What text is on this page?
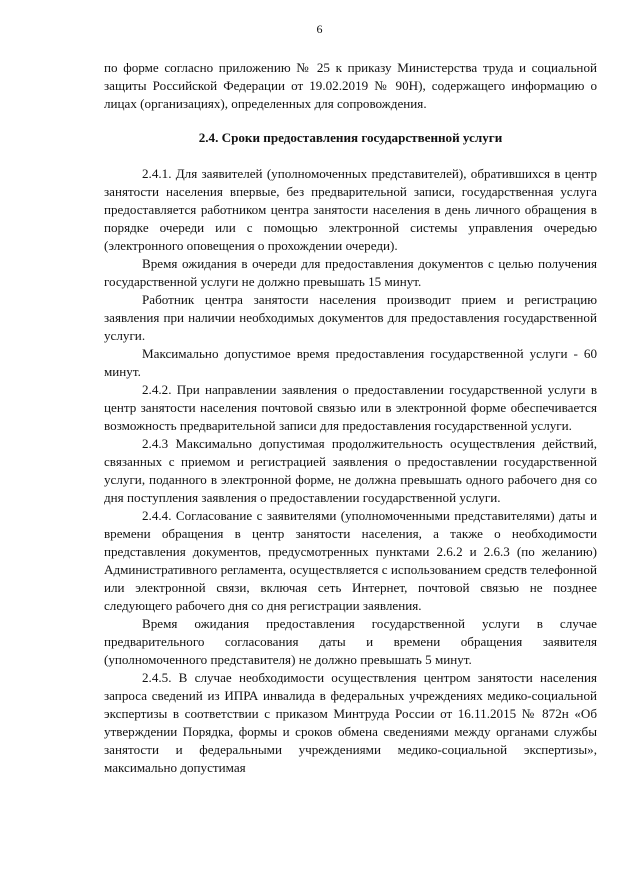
6

по форме согласно приложению № 25 к приказу Министерства труда и социальной защиты Российской Федерации от 19.02.2019 № 90Н), содержащего информацию о лицах (организациях), определенных для сопровождения.

2.4. Сроки предоставления государственной услуги

2.4.1. Для заявителей (уполномоченных представителей), обратившихся в центр занятости населения впервые, без предварительной записи, государственная услуга предоставляется работником центра занятости населения в день личного обращения в порядке очереди или с помощью электронной системы управления очередью (электронного оповещения о прохождении очереди).

Время ожидания в очереди для предоставления документов с целью получения государственной услуги не должно превышать 15 минут.

Работник центра занятости населения производит прием и регистрацию заявления при наличии необходимых документов для предоставления государственной услуги.

Максимально допустимое время предоставления государственной услуги - 60 минут.

2.4.2. При направлении заявления о предоставлении государственной услуги в центр занятости населения почтовой связью или в электронной форме обеспечивается возможность предварительной записи для предоставления государственной услуги.

2.4.3 Максимально допустимая продолжительность осуществления действий, связанных с приемом и регистрацией заявления о предоставлении государственной услуги, поданного в электронной форме, не должна превышать одного рабочего дня со дня поступления заявления о предоставлении государственной услуги.

2.4.4. Согласование с заявителями (уполномоченными представителями) даты и времени обращения в центр занятости населения, а также о необходимости представления документов, предусмотренных пунктами 2.6.2 и 2.6.3 (по желанию) Административного регламента, осуществляется с использованием средств телефонной или электронной связи, включая сеть Интернет, почтовой связью не позднее следующего рабочего дня со дня регистрации заявления.

Время ожидания предоставления государственной услуги в случае предварительного согласования даты и времени обращения заявителя (уполномоченного представителя) не должно превышать 5 минут.

2.4.5. В случае необходимости осуществления центром занятости населения запроса сведений из ИПРА инвалида в федеральных учреждениях медико-социальной экспертизы в соответствии с приказом Минтруда России от 16.11.2015 № 872н «Об утверждении Порядка, формы и сроков обмена сведениями между органами службы занятости и федеральными учреждениями медико-социальной экспертизы», максимально допустимая
